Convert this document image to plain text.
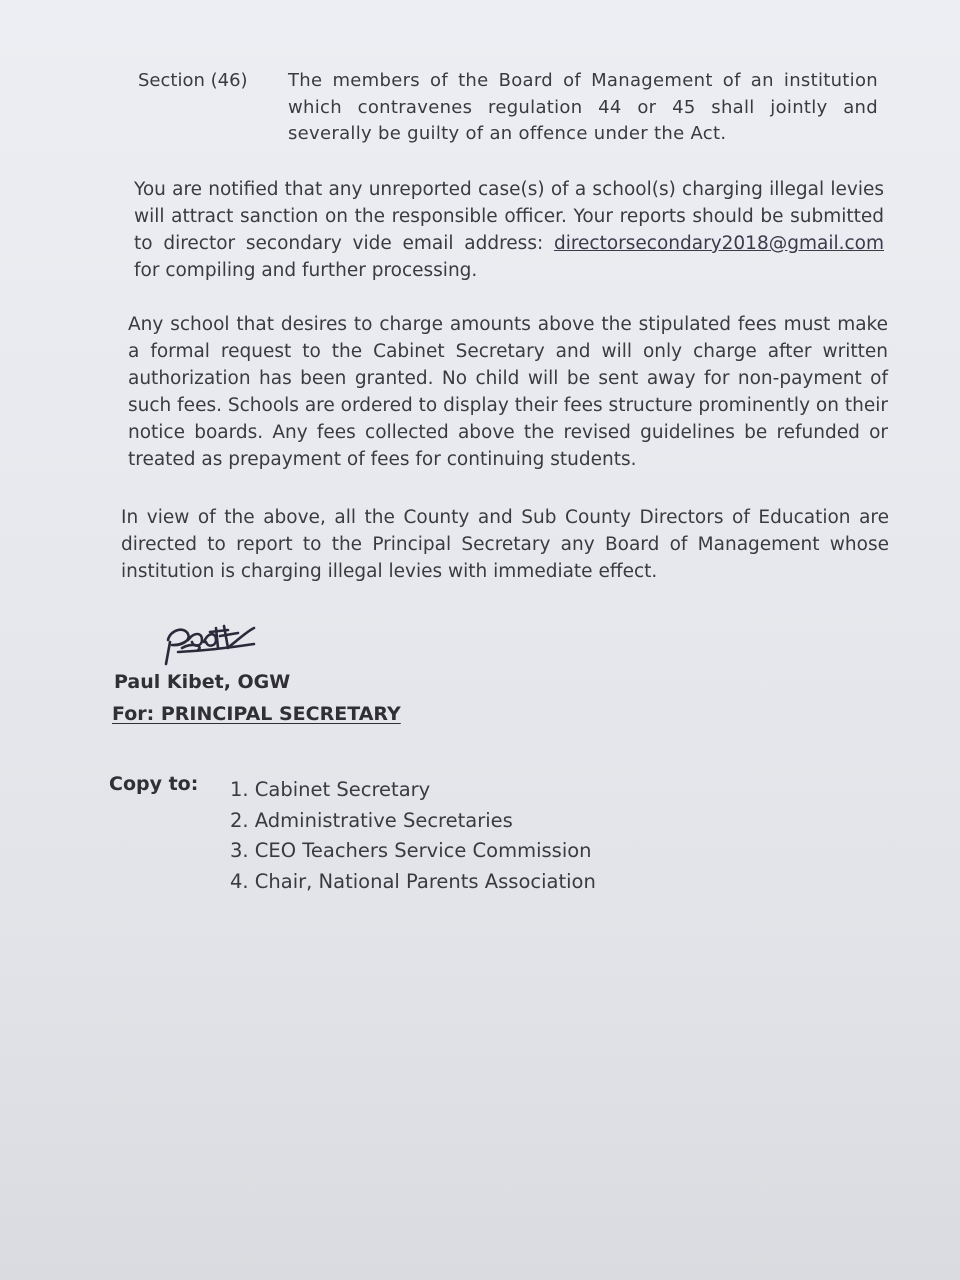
Section (46) The members of the Board of Management of an institution which contravenes regulation 44 or 45 shall jointly and severally be guilty of an offence under the Act.

You are notified that any unreported case(s) of a school(s) charging illegal levies will attract sanction on the responsible officer. Your reports should be submitted to director secondary vide email address: directorsecondary2018@gmail.com for compiling and further processing.

Any school that desires to charge amounts above the stipulated fees must make a formal request to the Cabinet Secretary and will only charge after written authorization has been granted. No child will be sent away for non-payment of such fees. Schools are ordered to display their fees structure prominently on their notice boards. Any fees collected above the revised guidelines be refunded or treated as prepayment of fees for continuing students.

In view of the above, all the County and Sub County Directors of Education are directed to report to the Principal Secretary any Board of Management whose institution is charging illegal levies with immediate effect.

Paul Kibet, OGW
For: PRINCIPAL SECRETARY
Copy to: 1. Cabinet Secretary
2. Administrative Secretaries
3. CEO Teachers Service Commission
4. Chair, National Parents Association
